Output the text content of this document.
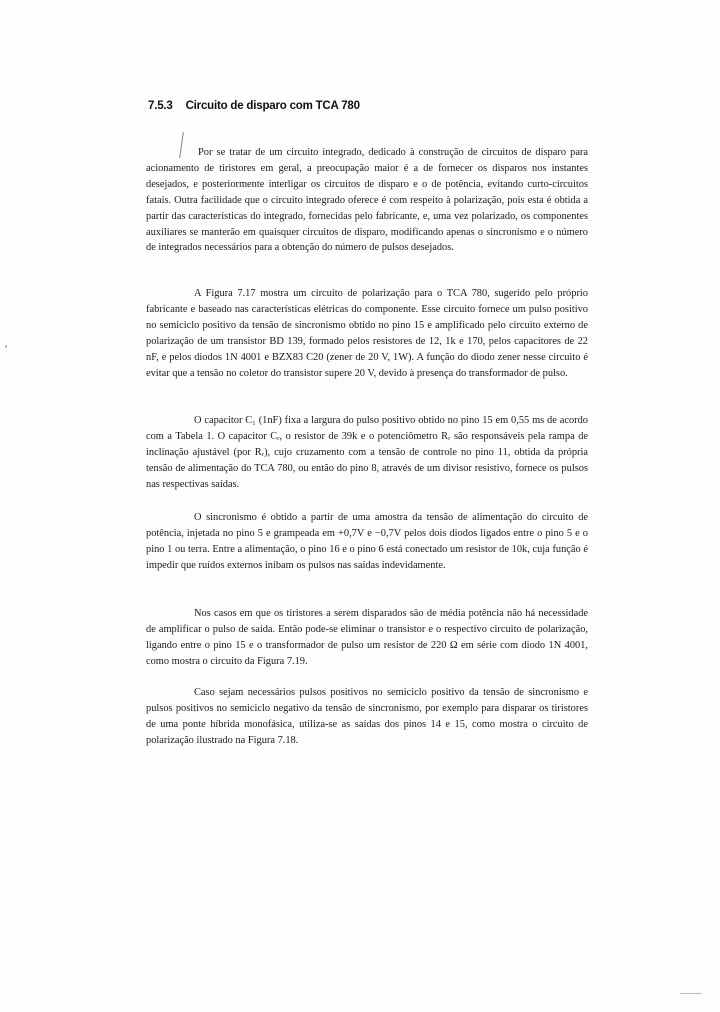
7.5.3 Circuito de disparo com TCA 780

Por se tratar de um circuito integrado, dedicado à construção de circuitos de disparo para acionamento de tiristores em geral, a preocupação maior é a de fornecer os disparos nos instantes desejados, e posteriormente interligar os circuitos de disparo e o de potência, evitando curto-circuitos fatais. Outra facilidade que o circuito integrado oferece é com respeito à polarização, pois esta é obtida a partir das características do integrado, fornecidas pelo fabricante, e, uma vez polarizado, os componentes auxiliares se manterão em quaisquer circuitos de disparo, modificando apenas o sincronismo e o número de integrados necessários para a obtenção do número de pulsos desejados.

A Figura 7.17 mostra um circuito de polarização para o TCA 780, sugerido pelo próprio fabricante e baseado nas características elétricas do componente. Esse circuito fornece um pulso positivo no semiciclo positivo da tensão de sincronismo obtido no pino 15 e amplificado pelo circuito externo de polarização de um transistor BD 139, formado pelos resistores de 12, 1k e 170, pelos capacitores de 22 nF, e pelos diodos 1N 4001 e BZX83 C20 (zener de 20 V, 1W). A função do diodo zener nesse circuito é evitar que a tensão no coletor do transistor supere 20 V, devido à presença do transformador de pulso.

O capacitor C₁ (1nF) fixa a largura do pulso positivo obtido no pino 15 em 0,55 ms de acordo com a Tabela 1. O capacitor Cᵣ, o resistor de 39k e o potenciômetro Rᵣ são responsáveis pela rampa de inclinação ajustável (por Rᵣ), cujo cruzamento com a tensão de controle no pino 11, obtida da própria tensão de alimentação do TCA 780, ou então do pino 8, através de um divisor resistivo, fornece os pulsos nas respectivas saídas.

O sincronismo é obtido a partir de uma amostra da tensão de alimentação do circuito de potência, injetada no pino 5 e grampeada em +0,7V e −0,7V pelos dois diodos ligados entre o pino 5 e o pino 1 ou terra. Entre a alimentação, o pino 16 e o pino 6 está conectado um resistor de 10k, cuja função é impedir que ruídos externos inibam os pulsos nas saídas indevidamente.

Nos casos em que os tiristores a serem disparados são de média potência não há necessidade de amplificar o pulso de saída. Então pode-se eliminar o transistor e o respectivo circuito de polarização, ligando entre o pino 15 e o transformador de pulso um resistor de 220 Ω em série com diodo 1N 4001, como mostra o circuito da Figura 7.19.

Caso sejam necessários pulsos positivos no semiciclo positivo da tensão de sincronismo e pulsos positivos no semiciclo negativo da tensão de sincronismo, por exemplo para disparar os tiristores de uma ponte híbrida monofásica, utiliza-se as saídas dos pinos 14 e 15, como mostra o circuito de polarização ilustrado na Figura 7.18.
